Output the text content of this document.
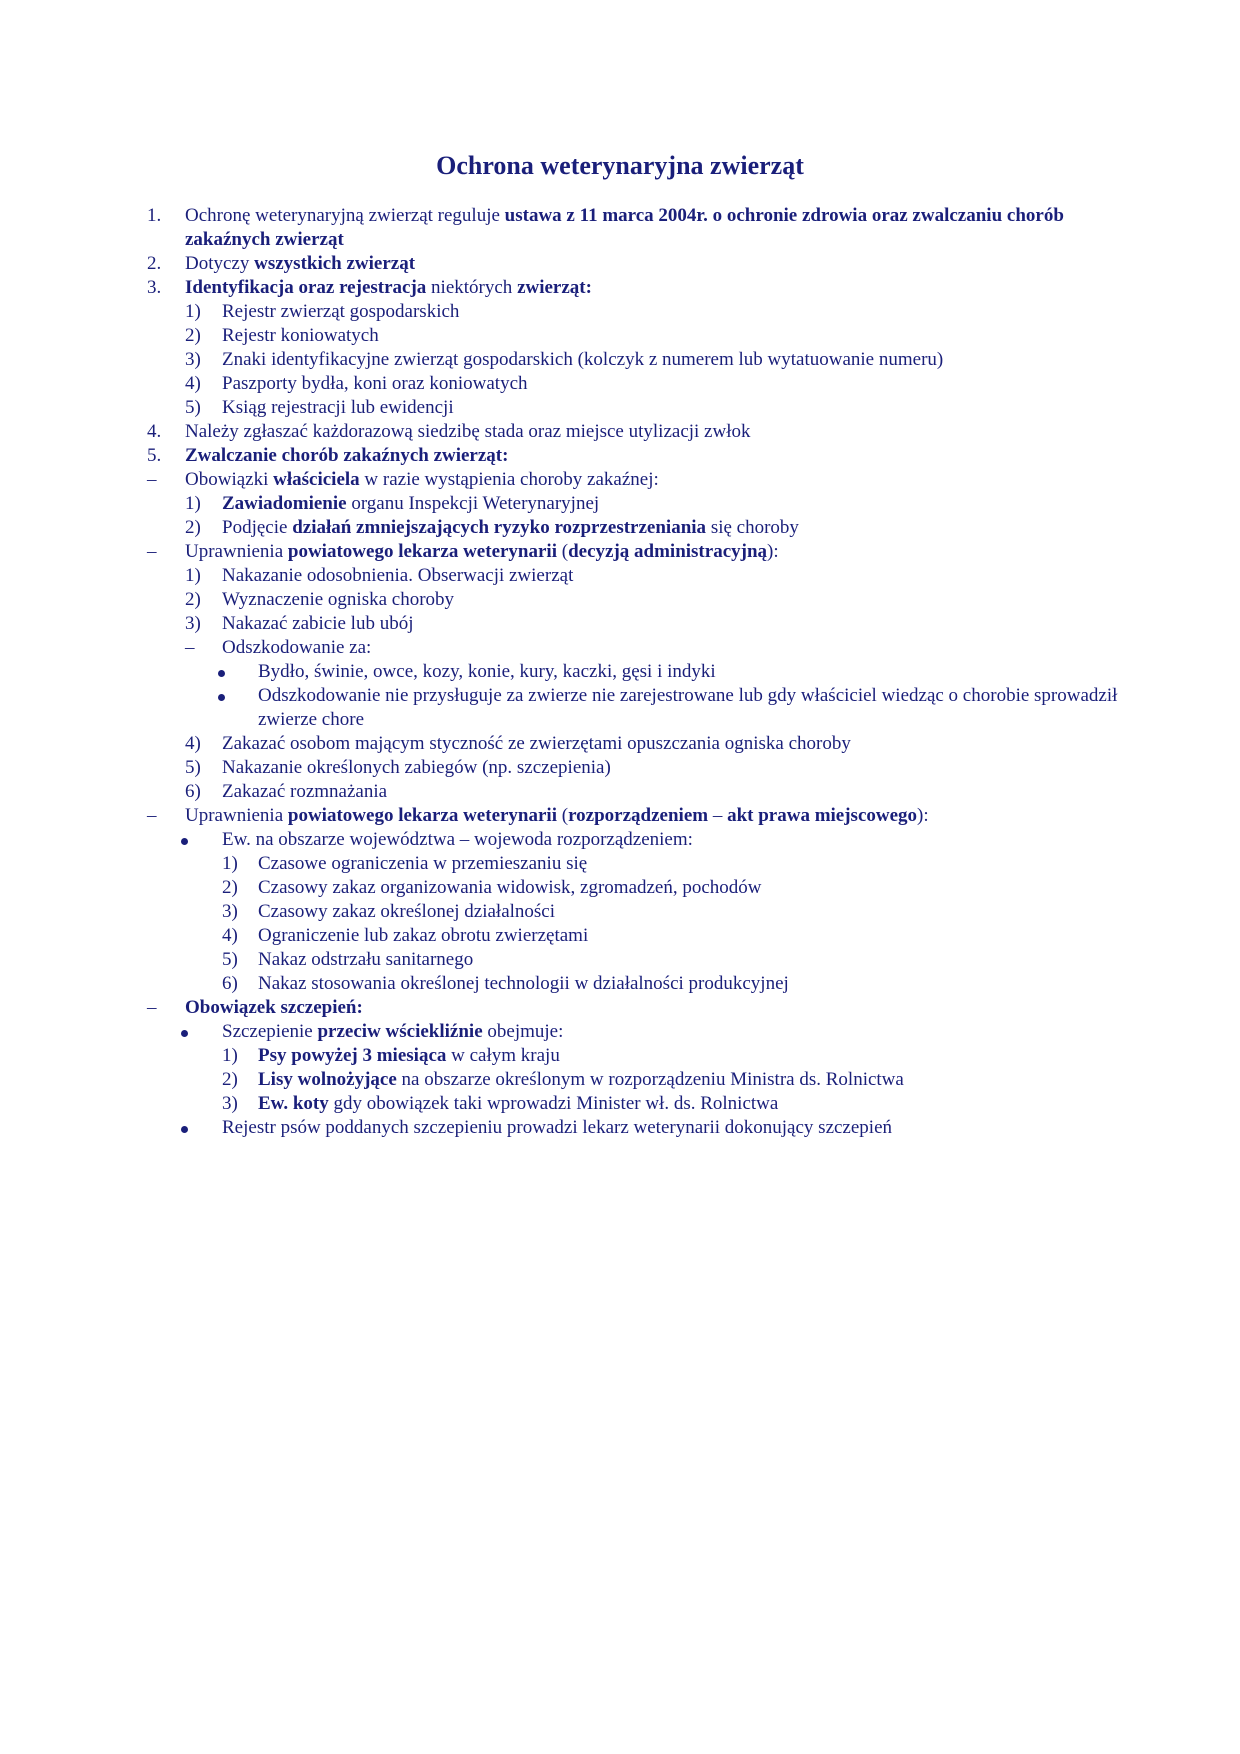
Ochrona weterynaryjna zwierząt
1. Ochronę weterynaryjną zwierząt reguluje ustawa z 11 marca 2004r. o ochronie zdrowia oraz zwalczaniu chorób zakaźnych zwierząt
2. Dotyczy wszystkich zwierząt
3. Identyfikacja oraz rejestracja niektórych zwierząt:
1) Rejestr zwierząt gospodarskich
2) Rejestr koniowatych
3) Znaki identyfikacyjne zwierząt gospodarskich (kolczyk z numerem lub wytatuowanie numeru)
4) Paszporty bydła, koni oraz koniowatych
5) Ksiąg rejestracji lub ewidencji
4. Należy zgłaszać każdorazową siedzibę stada oraz miejsce utylizacji zwłok
5. Zwalczanie chorób zakaźnych zwierząt:
– Obowiązki właściciela w razie wystąpienia choroby zakaźnej:
1) Zawiadomienie organu Inspekcji Weterynaryjnej
2) Podjęcie działań zmniejszających ryzyko rozprzestrzeniania się choroby
– Uprawnienia powiatowego lekarza weterynarii (decyzją administracyjną):
1) Nakazanie odosobnienia. Obserwacji zwierząt
2) Wyznaczenie ogniska choroby
3) Nakazać zabicie lub ubój
– Odszkodowanie za:
Bydło, świnie, owce, kozy, konie, kury, kaczki, gęsi i indyki
Odszkodowanie nie przysługuje za zwierze nie zarejestrowane lub gdy właściciel wiedząc o chorobie sprowadził zwierze chore
4) Zakazać osobom mającym styczność ze zwierzętami opuszczania ogniska choroby
5) Nakazanie określonych zabiegów (np. szczepienia)
6) Zakazać rozmnażania
– Uprawnienia powiatowego lekarza weterynarii (rozporządzeniem – akt prawa miejscowego):
Ew. na obszarze województwa – wojewoda rozporządzeniem:
1) Czasowe ograniczenia w przemieszaniu się
2) Czasowy zakaz organizowania widowisk, zgromadzeń, pochodów
3) Czasowy zakaz określonej działalności
4) Ograniczenie lub zakaz obrotu zwierzętami
5) Nakaz odstrzału sanitarnego
6) Nakaz stosowania określonej technologii w działalności produkcyjnej
– Obowiązek szczepień:
Szczepienie przeciw wściekliźnie obejmuje:
1) Psy powyżej 3 miesiąca w całym kraju
2) Lisy wolnożyjące na obszarze określonym w rozporządzeniu Ministra ds. Rolnictwa
3) Ew. koty gdy obowiązek taki wprowadzi Minister wł. ds. Rolnictwa
Rejestr psów poddanych szczepieniu prowadzi lekarz weterynarii dokonujący szczepień
